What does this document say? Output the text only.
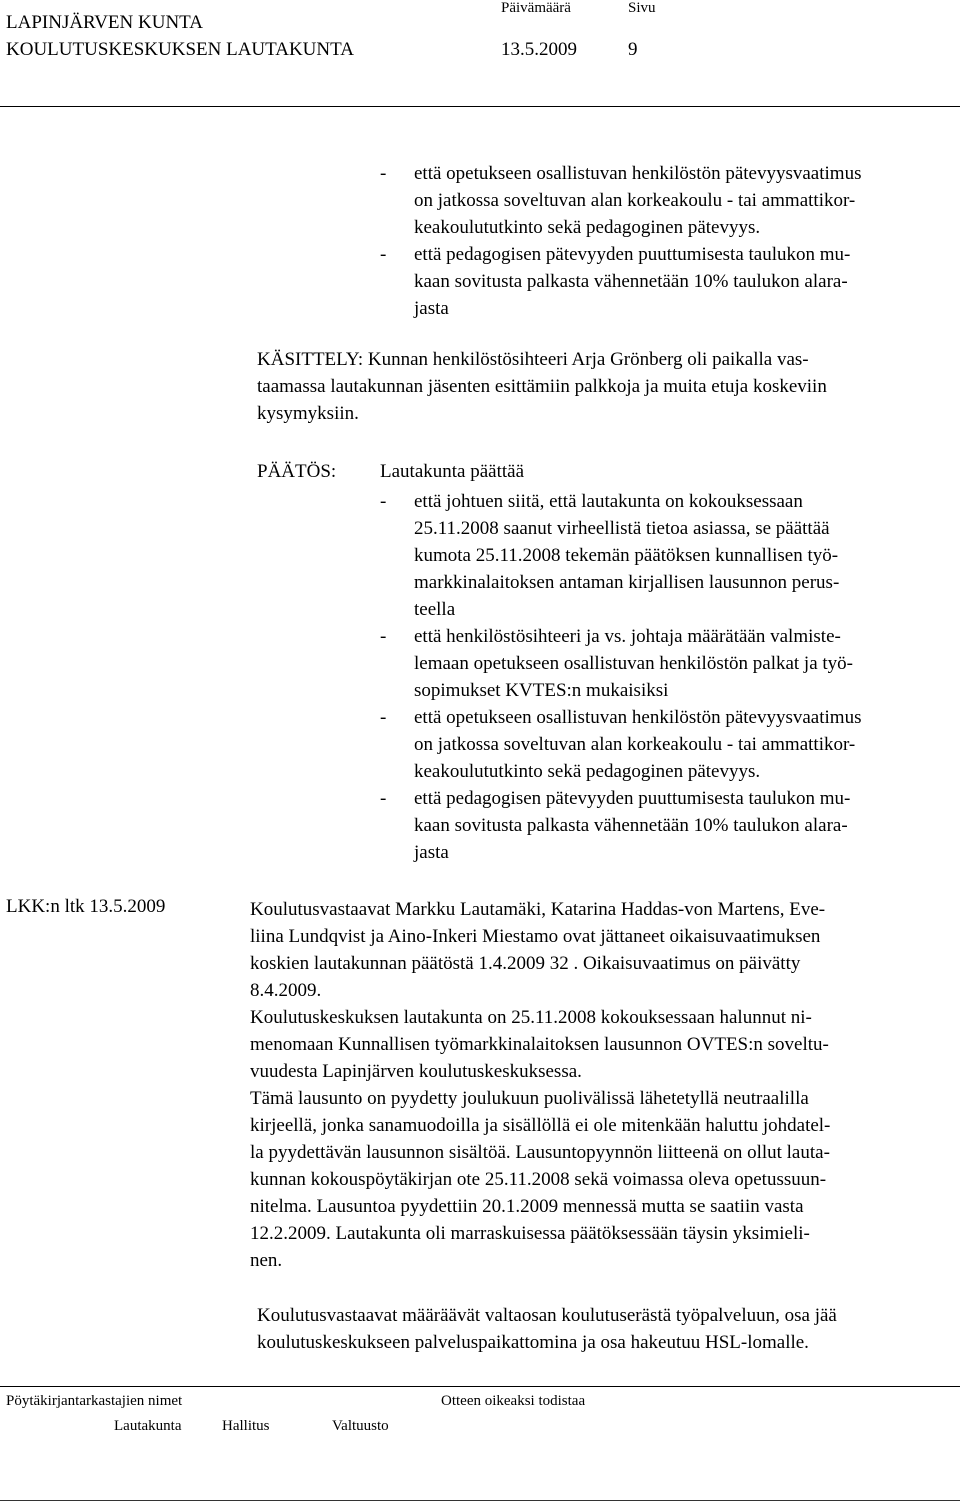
LAPINJÄRVEN KUNTA
KOULUTUSKESKUKSEN LAUTAKUNTA
Päivämäärä	Sivu
13.5.2009	9
- että opetukseen osallistuvan henkilöstön pätevyysvaatimus
on jatkossa soveltuvan alan korkeakoulu - tai ammattikor-
keakoulututkinto sekä pedagoginen pätevyys.
- että pedagogisen pätevyyden puuttumisesta taulukon mu-
kaan sovitusta palkasta vähennetään 10% taulukon alara-
jasta
KÄSITTELY: Kunnan henkilöstösihteeri Arja Grönberg oli paikalla vas-
taamassa lautakunnan jäsenten esittämiin palkkoja ja muita etuja koskeviin
kysymyksiin.
PÄÄTÖS: Lautakunta päättää
- että johtuen siitä, että lautakunta on kokouksessaan
25.11.2008 saanut virheellistä tietoa asiassa, se päättää
kumota 25.11.2008 tekemän päätöksen kunnallisen työ-
markkinalaitoksen antaman kirjallisen lausunnon perus-
teella
- että henkilöstösihteeri ja vs. johtaja määrätään valmiste-
lemaan opetukseen osallistuvan henkilöstön palkat ja työ-
sopimukset KVTES:n mukaisiksi
- että opetukseen osallistuvan henkilöstön pätevyysvaatimus
on jatkossa soveltuvan alan korkeakoulu - tai ammattikor-
keakoulututkinto sekä pedagoginen pätevyys.
- että pedagogisen pätevyyden puuttumisesta taulukon mu-
kaan sovitusta palkasta vähennetään 10% taulukon alara-
jasta
LKK:n ltk 13.5.2009	Koulutusvastaavat Markku Lautamäki, Katarina Haddas-von Martens, Eve-
liina Lundqvist ja Aino-Inkeri Miestamo ovat jättaneet oikaisuvaatimuksen
koskien lautakunnan päätöstä 1.4.2009 32 . Oikaisuvaatimus on päivätty
8.4.2009.
Koulutuskeskuksen lautakunta on 25.11.2008 kokouksessaan halunnut ni-
menomaan Kunnallisen työmarkkinalaitoksen lausunnon OVTES:n soveltu-
vuudesta Lapinjärven koulutuskeskuksessa.
Tämä lausunto on pyydetty joulukuun puolivälissä lähetetyllä neutraalilla
kirjeellä, jonka sanamuodoilla ja sisällöllä ei ole mitenkään haluttu johdatel-
la pyydettävän lausunnon sisältöä. Lausuntopyynnön liitteenä on ollut lauta-
kunnan kokouspöytäkirjan ote 25.11.2008 sekä voimassa oleva opetussuun-
nitelma. Lausuntoa pyydettiin 20.1.2009 mennessä mutta se saatiin vasta
12.2.2009. Lautakunta oli marraskuisessa päätöksessään täysin yksimieli-
nen.
Koulutusvastaavat määräävät valtaosan koulutuserästä työpalveluun, osa jää
koulutuskeskukseen palveluspaikattomina ja osa hakeutuu HSL-lomalle.
Pöytäkirjantarkastajien nimet	Otteen oikeaksi todistaa
Lautakunta	Hallitus	Valtuusto
